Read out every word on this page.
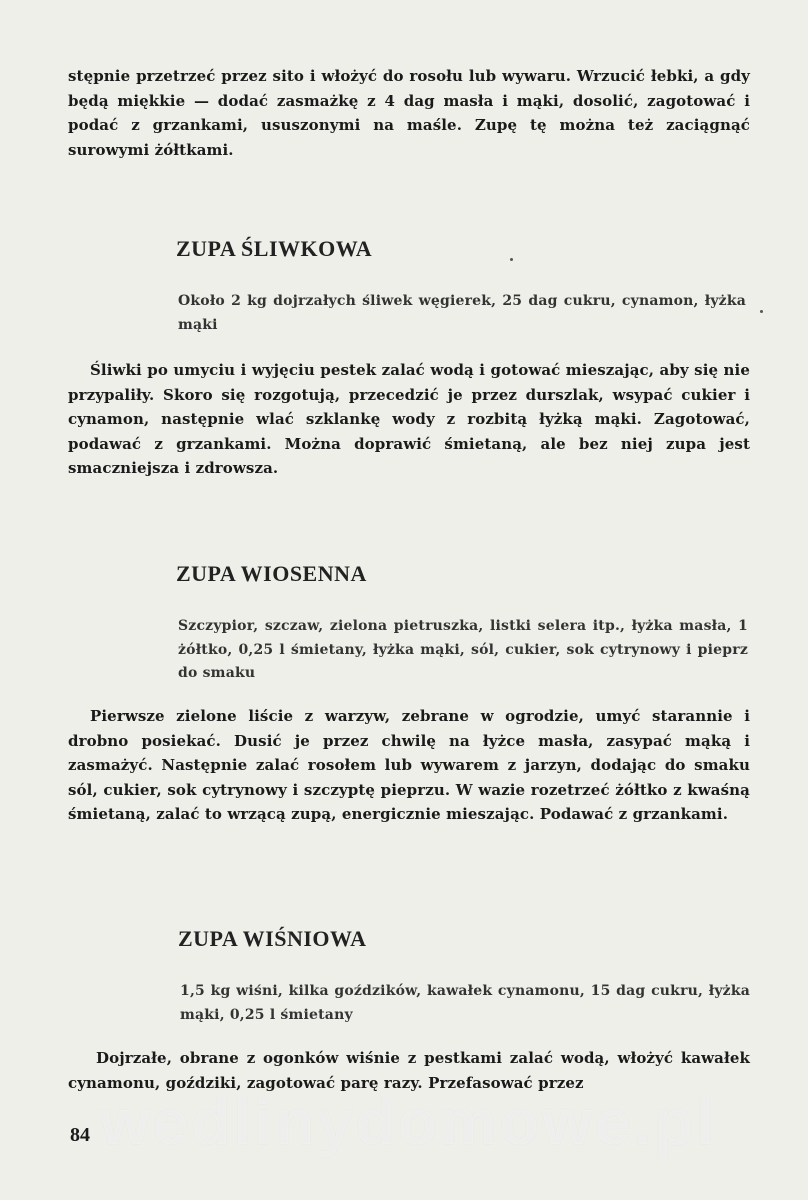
stępnie przetrzeć przez sito i włożyć do rosołu lub wywaru. Wrzucić łebki, a gdy będą miękkie — dodać zasmażkę z 4 dag masła i mąki, dosolić, zagotować i podać z grzankami, ususzonymi na maśle. Zupę tę można też zaciągnąć surowymi żółtkami.

ZUPA ŚLIWKOWA

Około 2 kg dojrzałych śliwek węgierek, 25 dag cukru, cynamon, łyżka mąki

Śliwki po umyciu i wyjęciu pestek zalać wodą i gotować mieszając, aby się nie przypaliły. Skoro się rozgotują, przecedzić je przez durszlak, wsypać cukier i cynamon, następnie wlać szklankę wody z rozbitą łyżką mąki. Zagotować, podawać z grzankami. Można doprawić śmietaną, ale bez niej zupa jest smaczniejsza i zdrowsza.

ZUPA WIOSENNA

Szczypior, szczaw, zielona pietruszka, listki selera itp., łyżka masła, 1 żółtko, 0,25 l śmietany, łyżka mąki, sól, cukier, sok cytrynowy i pieprz do smaku

Pierwsze zielone liście z warzyw, zebrane w ogrodzie, umyć starannie i drobno posiekać. Dusić je przez chwilę na łyżce masła, zasypać mąką i zasmażyć. Następnie zalać rosołem lub wywarem z jarzyn, dodając do smaku sól, cukier, sok cytrynowy i szczyptę pieprzu. W wazie rozetrzeć żółtko z kwaśną śmietaną, zalać to wrzącą zupą, energicznie mieszając. Podawać z grzankami.

ZUPA WIŚNIOWA

1,5 kg wiśni, kilka goździków, kawałek cynamonu, 15 dag cukru, łyżka mąki, 0,25 l śmietany

Dojrzałe, obrane z ogonków wiśnie z pestkami zalać wodą, włożyć kawałek cynamonu, goździki, zagotować parę razy. Przefasować przez

wedlinydomowe.pl

84
